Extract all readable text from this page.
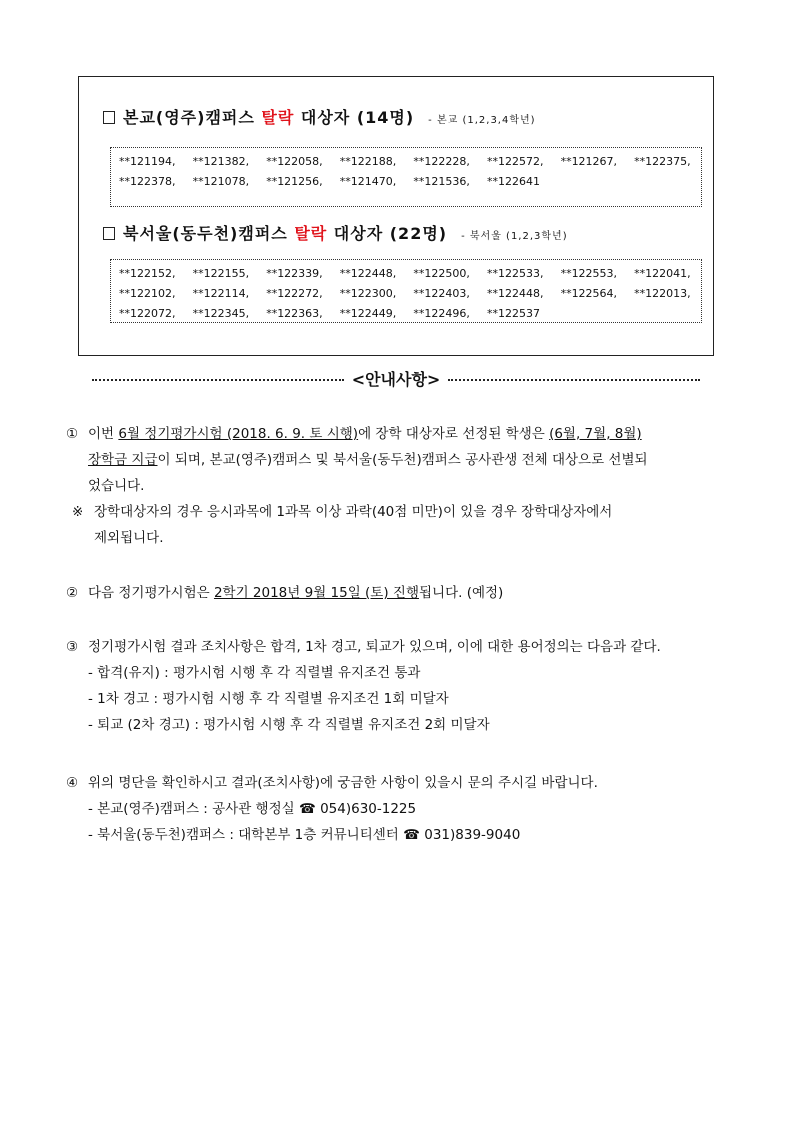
본교(영주)캠퍼스 탈락 대상자 (14명) - 본교 (1,2,3,4학년)
**121194, **121382, **122058, **122188, **122228, **122572, **121267, **122375,
**122378, **121078, **121256, **121470, **121536, **122641
북서울(동두천)캠퍼스 탈락 대상자 (22명) - 북서울 (1,2,3학년)
**122152, **122155, **122339, **122448, **122500, **122533, **122553, **122041,
**122102, **122114, **122272, **122300, **122403, **122448, **122564, **122013,
**122072, **122345, **122363, **122449, **122496, **122537
<안내사항>

① 이번 6월 정기평가시험 (2018. 6. 9. 토 시행)에 장학 대상자로 선정된 학생은 (6월, 7월, 8월)

장학금 지급이 되며, 본교(영주)캠퍼스 및 북서울(동두천)캠퍼스 공사관생 전체 대상으로 선별되

었습니다.

※ 장학대상자의 경우 응시과목에 1과목 이상 과락(40점 미만)이 있을 경우 장학대상자에서

제외됩니다.

② 다음 정기평가시험은 2학기 2018년 9월 15일 (토) 진행됩니다. (예정)

③ 정기평가시험 결과 조치사항은 합격, 1차 경고, 퇴교가 있으며, 이에 대한 용어정의는 다음과 같다.

- 합격(유지) : 평가시험 시행 후 각 직렬별 유지조건 통과

- 1차 경고 : 평가시험 시행 후 각 직렬별 유지조건 1회 미달자

- 퇴교 (2차 경고) : 평가시험 시행 후 각 직렬별 유지조건 2회 미달자

④ 위의 명단을 확인하시고 결과(조치사항)에 궁금한 사항이 있을시 문의 주시길 바랍니다.

- 본교(영주)캠퍼스 : 공사관 행정실 ☎ 054)630-1225

- 북서울(동두천)캠퍼스 : 대학본부 1층 커뮤니티센터 ☎ 031)839-9040
